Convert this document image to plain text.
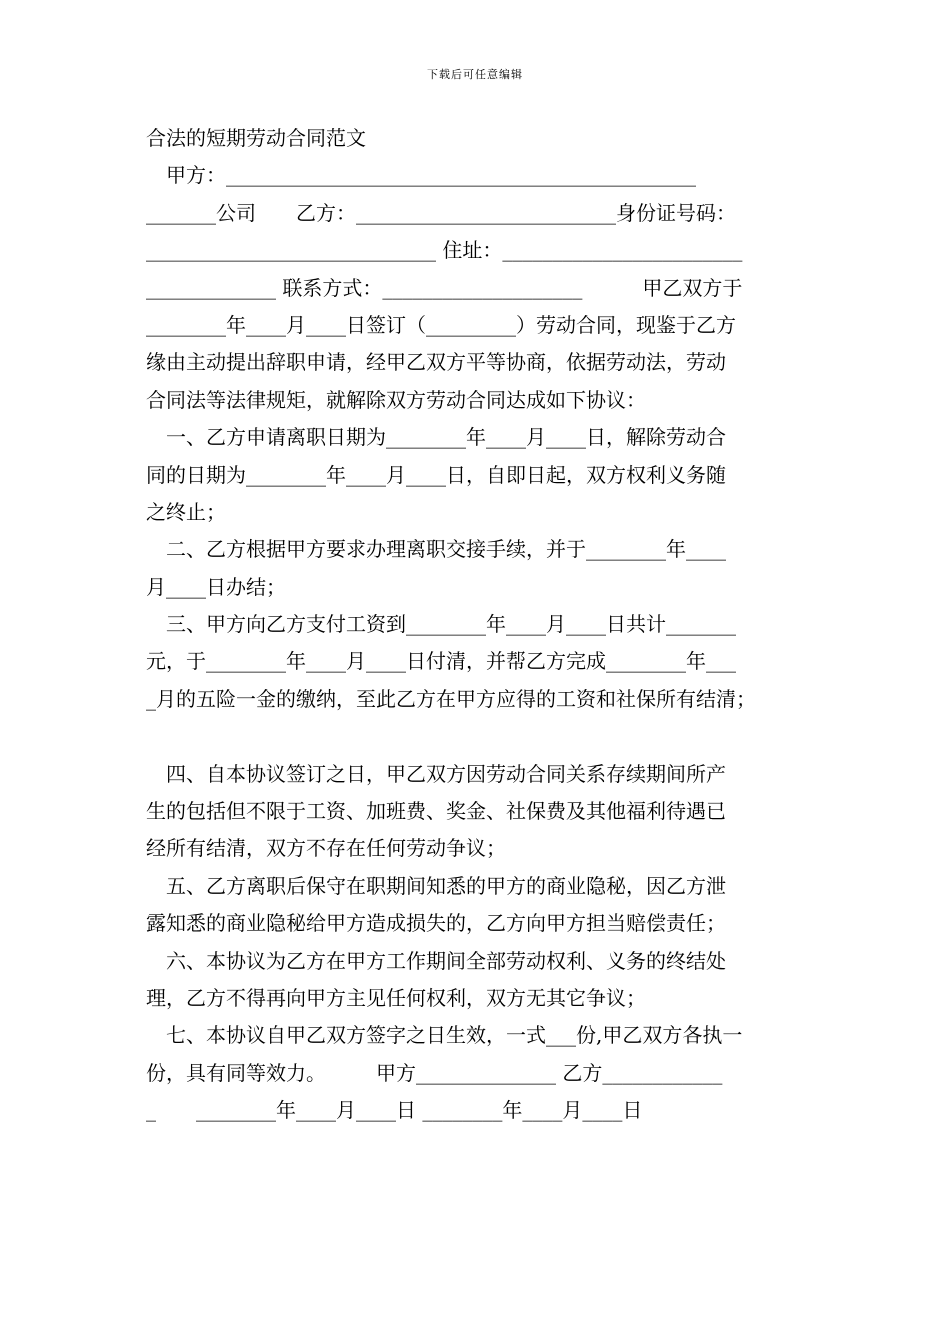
下载后可任意编辑
合法的短期劳动合同范文
　甲方：_______________________________________________
_______公司　　乙方：__________________________身份证号码：
_____________________________ 住址：________________________
_____________ 联系方式：____________________　　　甲乙双方于
________年____月____日签订（_________）劳动合同，现鉴于乙方
缘由主动提出辞职申请，经甲乙双方平等协商，依据劳动法，劳动
合同法等法律规矩，就解除双方劳动合同达成如下协议：
　一、乙方申请离职日期为________年____月____日，解除劳动合
同的日期为________年____月____日，自即日起，双方权利义务随
之终止；
　二、乙方根据甲方要求办理离职交接手续，并于________年____
月____日办结；
　三、甲方向乙方支付工资到________年____月____日共计_______
元，于________年____月____日付清，并帮乙方完成________年___
_月的五险一金的缴纳，至此乙方在甲方应得的工资和社保所有结清；
　四、自本协议签订之日，甲乙双方因劳动合同关系存续期间所产
生的包括但不限于工资、加班费、奖金、社保费及其他福利待遇已
经所有结清，双方不存在任何劳动争议；
　五、乙方离职后保守在职期间知悉的甲方的商业隐秘，因乙方泄
露知悉的商业隐秘给甲方造成损失的，乙方向甲方担当赔偿责任；
　六、本协议为乙方在甲方工作期间全部劳动权利、义务的终结处
理，乙方不得再向甲方主见任何权利，双方无其它争议；
　七、本协议自甲乙双方签字之日生效，一式___份,甲乙双方各执一
份，具有同等效力。　　　甲方______________ 乙方____________
_　　________年____月____日 ________年____月____日
